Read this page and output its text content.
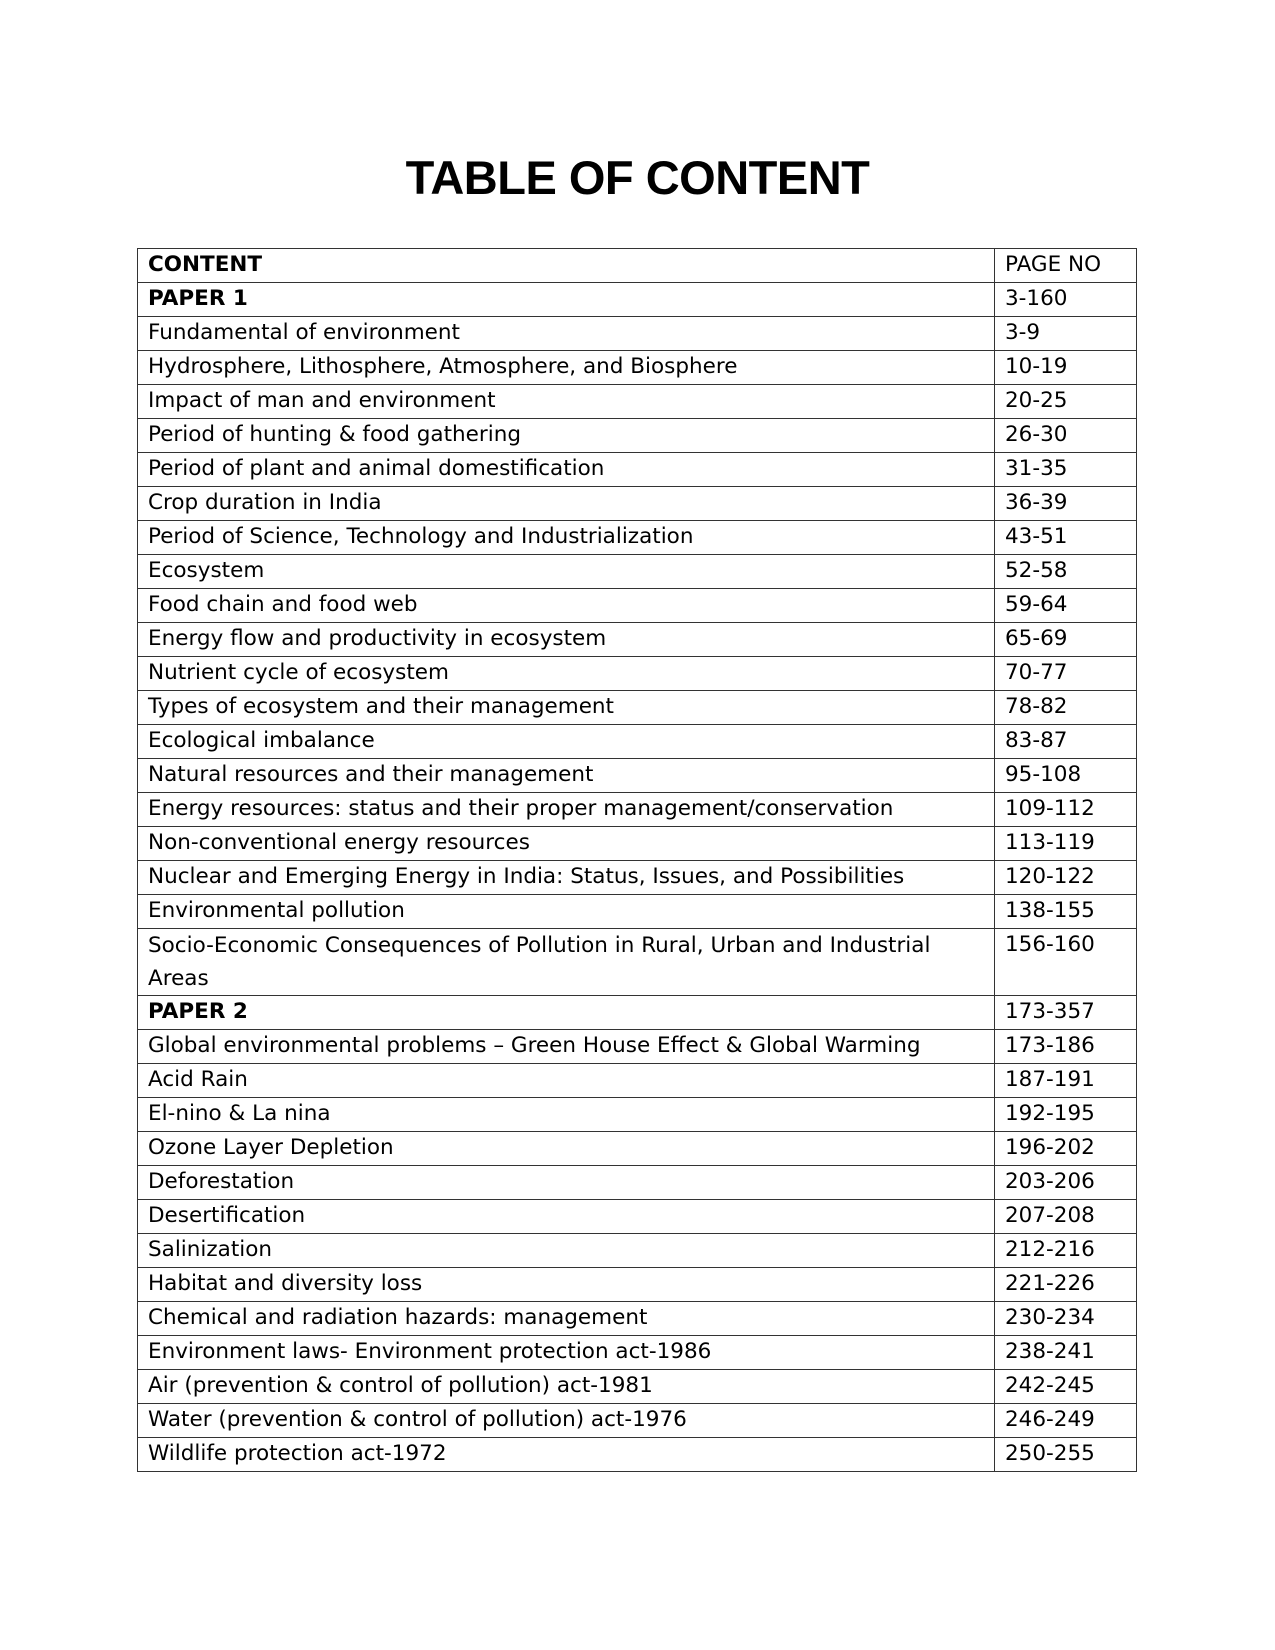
TABLE OF CONTENT
CONTENT	PAGE NO
PAPER 1	3-160
Fundamental of environment	3-9
Hydrosphere, Lithosphere, Atmosphere, and Biosphere	10-19
Impact of man and environment	20-25
Period of hunting & food gathering	26-30
Period of plant and animal domestification	31-35
Crop duration in India	36-39
Period of Science, Technology and Industrialization	43-51
Ecosystem	52-58
Food chain and food web	59-64
Energy flow and productivity in ecosystem	65-69
Nutrient cycle of ecosystem	70-77
Types of ecosystem and their management	78-82
Ecological imbalance	83-87
Natural resources and their management	95-108
Energy resources: status and their proper management/conservation	109-112
Non-conventional energy resources	113-119
Nuclear and Emerging Energy in India: Status, Issues, and Possibilities	120-122
Environmental pollution	138-155
Socio-Economic Consequences of Pollution in Rural, Urban and Industrial Areas	156-160
PAPER 2	173-357
Global environmental problems – Green House Effect & Global Warming	173-186
Acid Rain	187-191
El-nino & La nina	192-195
Ozone Layer Depletion	196-202
Deforestation	203-206
Desertification	207-208
Salinization	212-216
Habitat and diversity loss	221-226
Chemical and radiation hazards: management	230-234
Environment laws- Environment protection act-1986	238-241
Air (prevention & control of pollution) act-1981	242-245
Water (prevention & control of pollution) act-1976	246-249
Wildlife protection act-1972	250-255
